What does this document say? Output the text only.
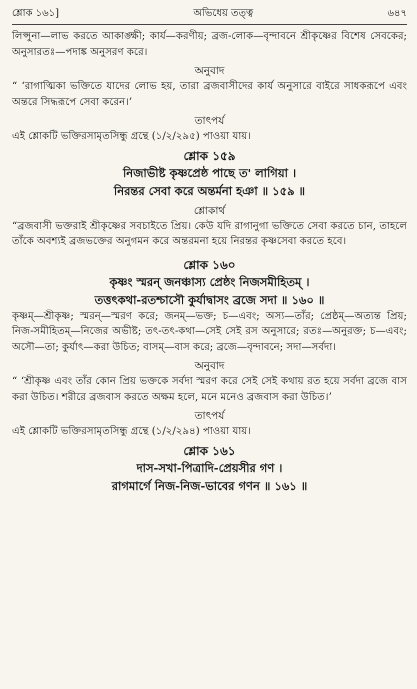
শ্লোক ১৬১]	অভিধেয় তত্ত্ব	৬৪৭

লিপ্সুনা—লাভ করতে আকাঙ্ক্ষী; কার্য—করণীয়; ব্রজ-লোক—বৃন্দাবনে শ্রীকৃষ্ণের বিশেষ সেবকের; অনুসারতঃ—পদাঙ্ক অনুসরণ করে।

অনুবাদ

“ ‘রাগাত্মিকা ভক্তিতে যাদের লোভ হয়, তারা ব্রজবাসীদের কার্য অনুসারে বাইরে সাধকরূপে এবং অন্তরে সিদ্ধরূপে সেবা করেন।’

তাৎপর্য

এই শ্লোকটি ভক্তিরসামৃতসিন্ধু গ্রন্থে (১/২/২৯৫) পাওয়া যায়।

শ্লোক ১৫৯
নিজাভীষ্ট কৃষ্ণপ্রেষ্ঠ পাছে ত' লাগিয়া ।
নিরন্তর সেবা করে অন্তর্মনা হঞা ॥ ১৫৯ ॥
শ্লোকার্থ

“ব্রজবাসী ভক্তরাই শ্রীকৃষ্ণের সবচাইতে প্রিয়। কেউ যদি রাগানুগা ভক্তিতে সেবা করতে চান, তাহলে তাঁকে অবশ্যই ব্রজভক্তের অনুগমন করে অন্তরমনা হয়ে নিরন্তর কৃষ্ণসেবা করতে হবে।

শ্লোক ১৬০
কৃষ্ণং স্মরন্ জনঞ্চাস্য প্রেষ্ঠং নিজসমীহিতম্ ।
তত্তৎকথা-রতশ্চাসৌ কুর্যাদ্বাসং ব্রজে সদা ॥ ১৬০ ॥

কৃষ্ণম্—শ্রীকৃষ্ণ; স্মরন্—স্মরণ করে; জনম্—ভক্ত; চ—এবং; অস্য—তাঁর; প্রেষ্ঠম্—অত্যন্ত প্রিয়; নিজ-সমীহিতম্—নিজের অভীষ্ট; তৎ-তৎ-কথা—সেই সেই রস অনুসারে; রতঃ—অনুরক্ত; চ—এবং; অসৌ—তা; কুর্যাৎ—করা উচিত; বাসম্—বাস করে; ব্রজে—বৃন্দাবনে; সদা—সর্বদা।

অনুবাদ

“ ‘শ্রীকৃষ্ণ এবং তাঁর কোন প্রিয় ভক্তকে সর্বদা স্মরণ করে সেই সেই কথায় রত হয়ে সর্বদা ব্রজে বাস করা উচিত। শরীরে ব্রজবাস করতে অক্ষম হলে, মনে মনেও ব্রজবাস করা উচিত।’

তাৎপর্য

এই শ্লোকটি ভক্তিরসামৃতসিন্ধু গ্রন্থে (১/২/২৯৪) পাওয়া যায়।

শ্লোক ১৬১
দাস-সখা-পিত্রাদি-প্রেয়সীর গণ ।
রাগমার্গে নিজ-নিজ-ভাবের গণন ॥ ১৬১ ॥
